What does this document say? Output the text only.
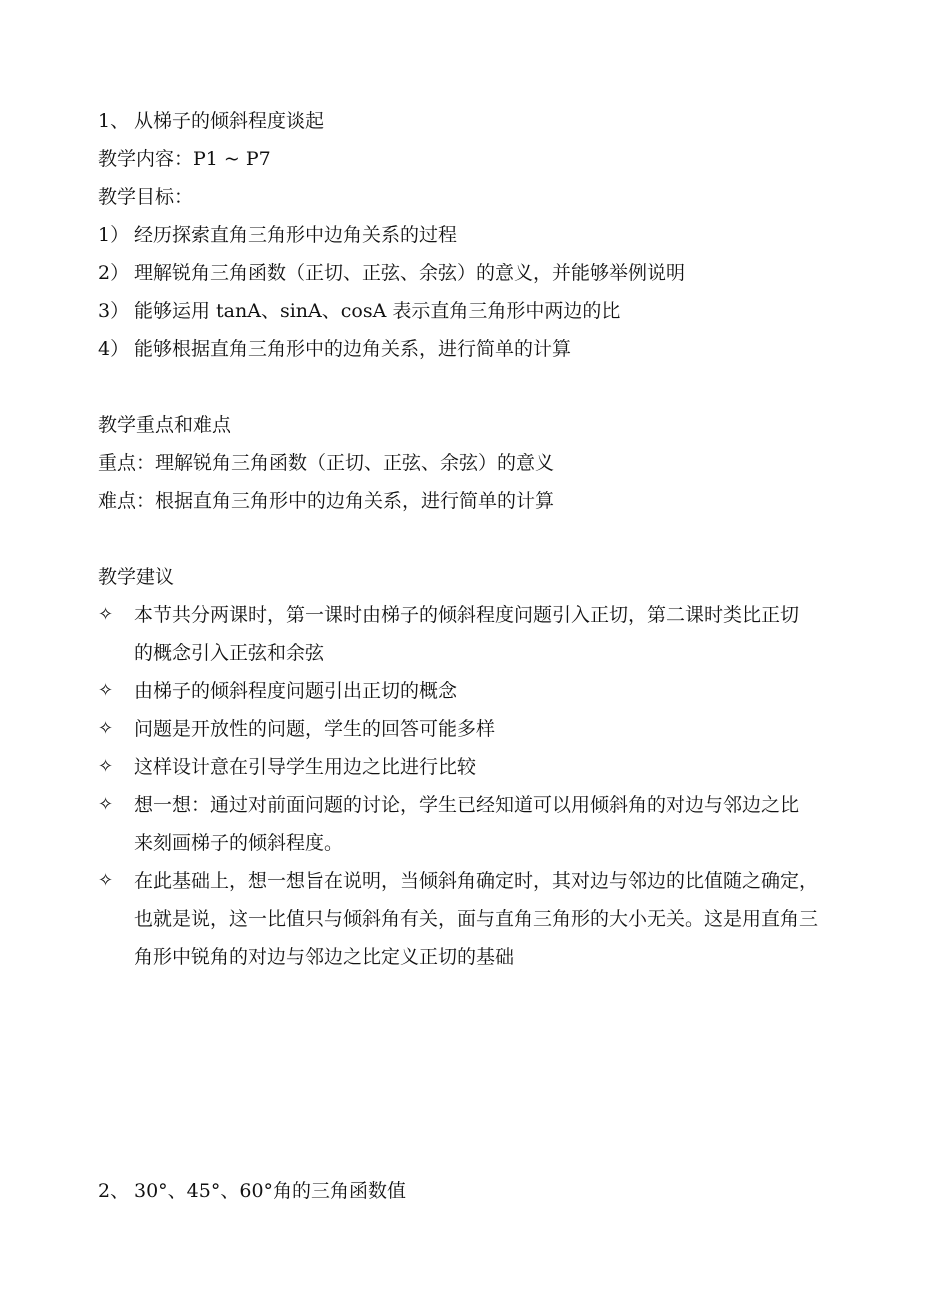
1、 从梯子的倾斜程度谈起
教学内容：P1 ~ P7
教学目标：
1） 经历探索直角三角形中边角关系的过程
2） 理解锐角三角函数（正切、正弦、余弦）的意义，并能够举例说明
3） 能够运用 tanA、sinA、cosA 表示直角三角形中两边的比
4） 能够根据直角三角形中的边角关系，进行简单的计算
教学重点和难点
重点：理解锐角三角函数（正切、正弦、余弦）的意义
难点：根据直角三角形中的边角关系，进行简单的计算
教学建议
✧	本节共分两课时，第一课时由梯子的倾斜程度问题引入正切，第二课时类比正切
的概念引入正弦和余弦
✧	由梯子的倾斜程度问题引出正切的概念
✧	问题是开放性的问题，学生的回答可能多样
✧	这样设计意在引导学生用边之比进行比较
✧	想一想：通过对前面问题的讨论，学生已经知道可以用倾斜角的对边与邻边之比
来刻画梯子的倾斜程度。
✧	在此基础上，想一想旨在说明，当倾斜角确定时，其对边与邻边的比值随之确定，
也就是说，这一比值只与倾斜角有关，面与直角三角形的大小无关。这是用直角三
角形中锐角的对边与邻边之比定义正切的基础
2、 30°、45°、60°角的三角函数值
